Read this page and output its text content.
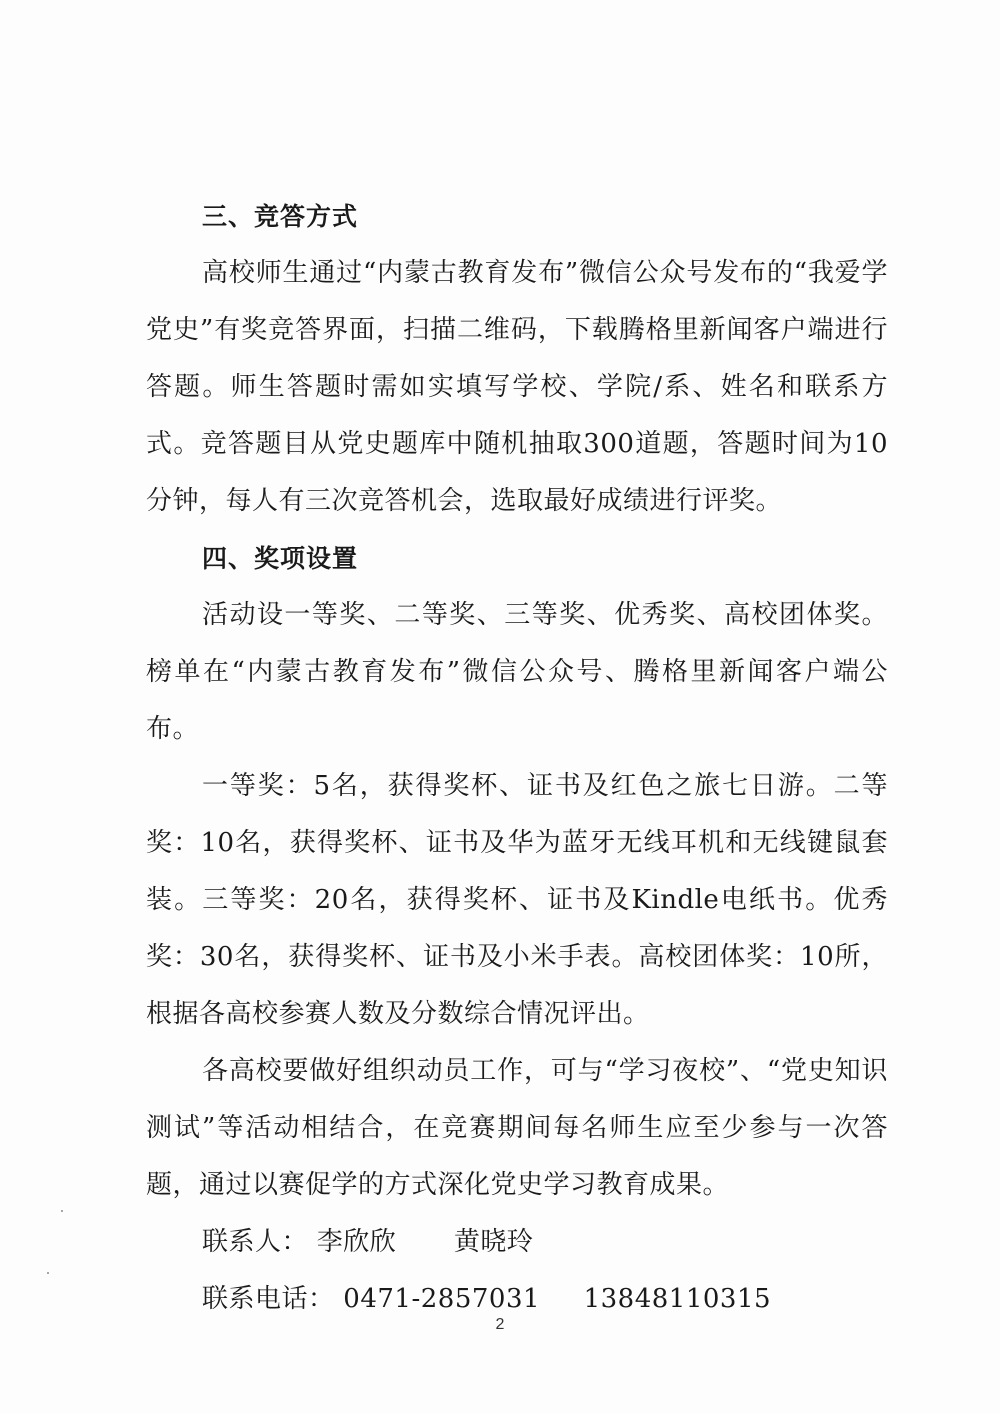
三、竞答方式

高校师生通过“内蒙古教育发布”微信公众号发布的“我爱学党史”有奖竞答界面，扫描二维码，下载腾格里新闻客户端进行答题。师生答题时需如实填写学校、学院/系、姓名和联系方式。竞答题目从党史题库中随机抽取300道题，答题时间为10分钟，每人有三次竞答机会，选取最好成绩进行评奖。

四、奖项设置

活动设一等奖、二等奖、三等奖、优秀奖、高校团体奖。榜单在“内蒙古教育发布”微信公众号、腾格里新闻客户端公布。

一等奖：5名，获得奖杯、证书及红色之旅七日游。二等奖：10名，获得奖杯、证书及华为蓝牙无线耳机和无线键鼠套装。三等奖：20名，获得奖杯、证书及Kindle电纸书。优秀奖：30名，获得奖杯、证书及小米手表。高校团体奖：10所，根据各高校参赛人数及分数综合情况评出。

各高校要做好组织动员工作，可与“学习夜校”、“党史知识测试”等活动相结合，在竞赛期间每名师生应至少参与一次答题，通过以赛促学的方式深化党史学习教育成果。

联系人： 李欣欣 黄晓玲

联系电话： 0471-2857031 13848110315

2
